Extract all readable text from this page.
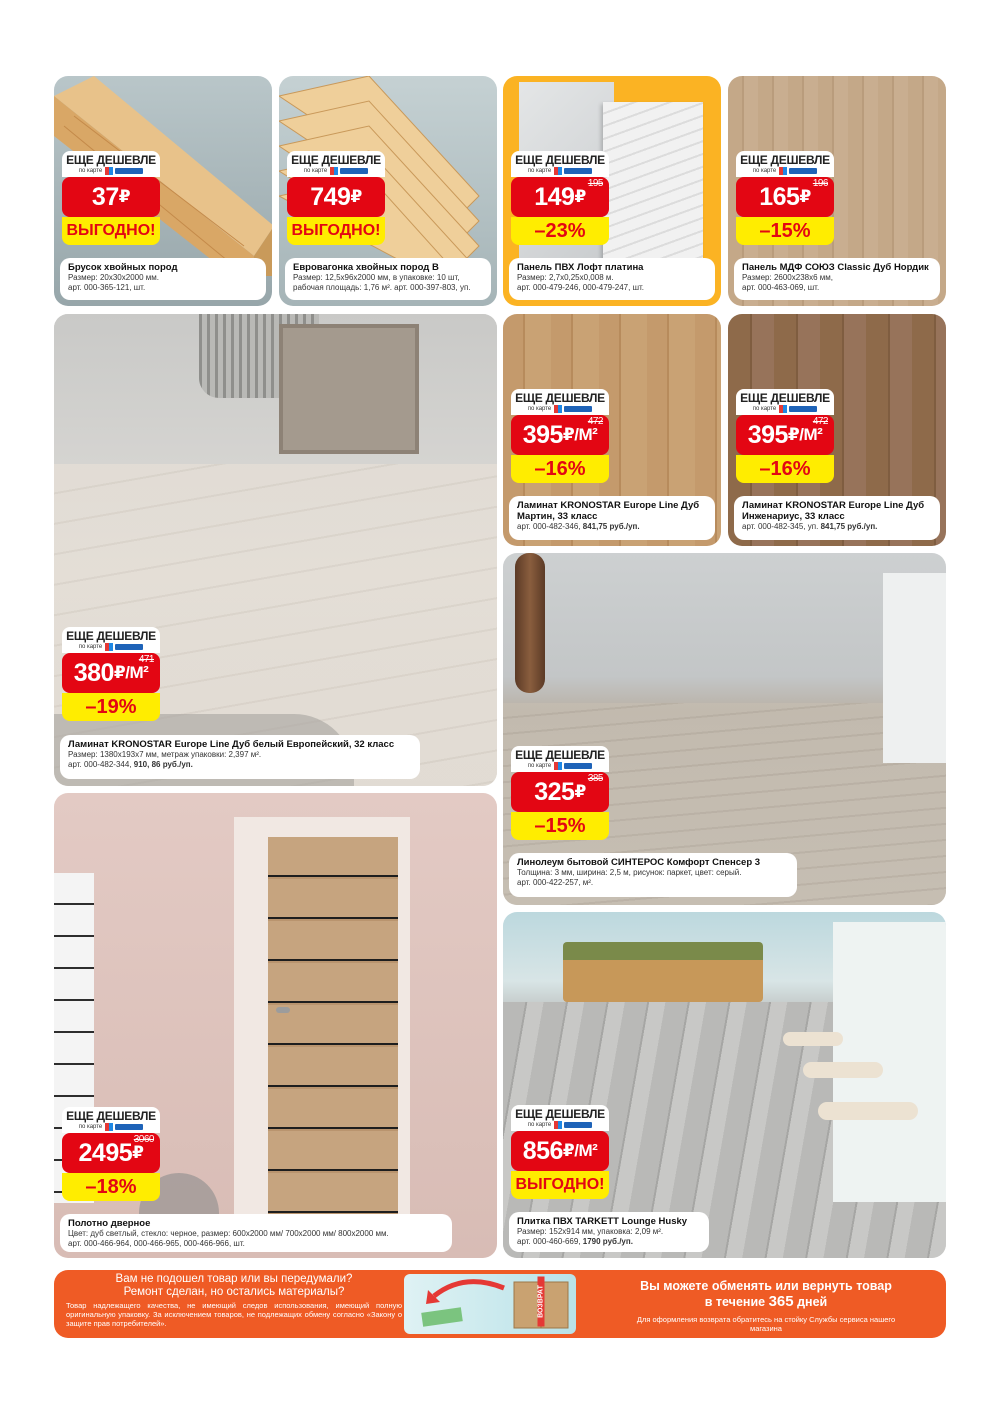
ЕЩЕ ДЕШЕВЛЕ
по карте
37 ₽
ВЫГОДНО!
Брусок хвойных пород
Размер: 20х30х2000 мм.
арт. 000-365-121, шт.
ЕЩЕ ДЕШЕВЛЕ
по карте
749 ₽
ВЫГОДНО!
Евровагонка хвойных пород В
Размер: 12,5х96х2000 мм, в упаковке: 10 шт,
рабочая площадь: 1,76 м². арт. 000-397-803, уп.
ЕЩЕ ДЕШЕВЛЕ
по карте
149 ₽
195
–23%
Панель ПВХ Лофт платина
Размер: 2,7х0,25х0,008 м.
арт. 000-479-246, 000-479-247, шт.
ЕЩЕ ДЕШЕВЛЕ
по карте
165 ₽
196
–15%
Панель МДФ СОЮЗ Classic Дуб Нордик
Размер: 2600х238х6 мм,
арт. 000-463-069, шт.
ЕЩЕ ДЕШЕВЛЕ
по карте
380 ₽/М²
471
–19%
Ламинат KRONOSTAR Europe Line Дуб белый Европейский, 32 класс
Размер: 1380х193х7 мм, метраж упаковки: 2,397 м².
арт. 000-482-344, 910, 86 руб./уп.
ЕЩЕ ДЕШЕВЛЕ
по карте
395 ₽/М²
472
–16%
Ламинат KRONOSTAR Europe Line Дуб Мартин, 33 класс
арт. 000-482-346, 841,75 руб./уп.
ЕЩЕ ДЕШЕВЛЕ
по карте
395 ₽/М²
472
–16%
Ламинат KRONOSTAR Europe Line Дуб Инженариус, 33 класс
арт. 000-482-345, уп. 841,75 руб./уп.
ЕЩЕ ДЕШЕВЛЕ
по карте
325 ₽
385
–15%
Линолеум бытовой СИНТЕРОС Комфорт Спенсер 3
Толщина: 3 мм, ширина: 2,5 м, рисунок: паркет, цвет: серый.
арт. 000-422-257, м².
ЕЩЕ ДЕШЕВЛЕ
по карте
2495 ₽
3060
–18%
Полотно дверное
Цвет: дуб светлый, стекло: черное, размер: 600х2000 мм/ 700х2000 мм/ 800х2000 мм.
арт. 000-466-964, 000-466-965, 000-466-966, шт.
ЕЩЕ ДЕШЕВЛЕ
по карте
856 ₽/М²
ВЫГОДНО!
Плитка ПВХ TARKETT Lounge Husky
Размер: 152х914 мм, упаковка: 2,09 м².
арт. 000-460-669, 1790 руб./уп.
Вам не подошел товар или вы передумали?
Ремонт сделан, но остались материалы?
Товар надлежащего качества, не имеющий следов использования, имеющий полную оригинальную упаковку. За исключением товаров, не подлежащих обмену согласно «Закону о защите прав потребителей».
ВОЗВРАТ	Вы можете обменять или вернуть товар
в течение 365 дней
Для оформления возврата обратитесь на стойку Службы сервиса нашего магазина
